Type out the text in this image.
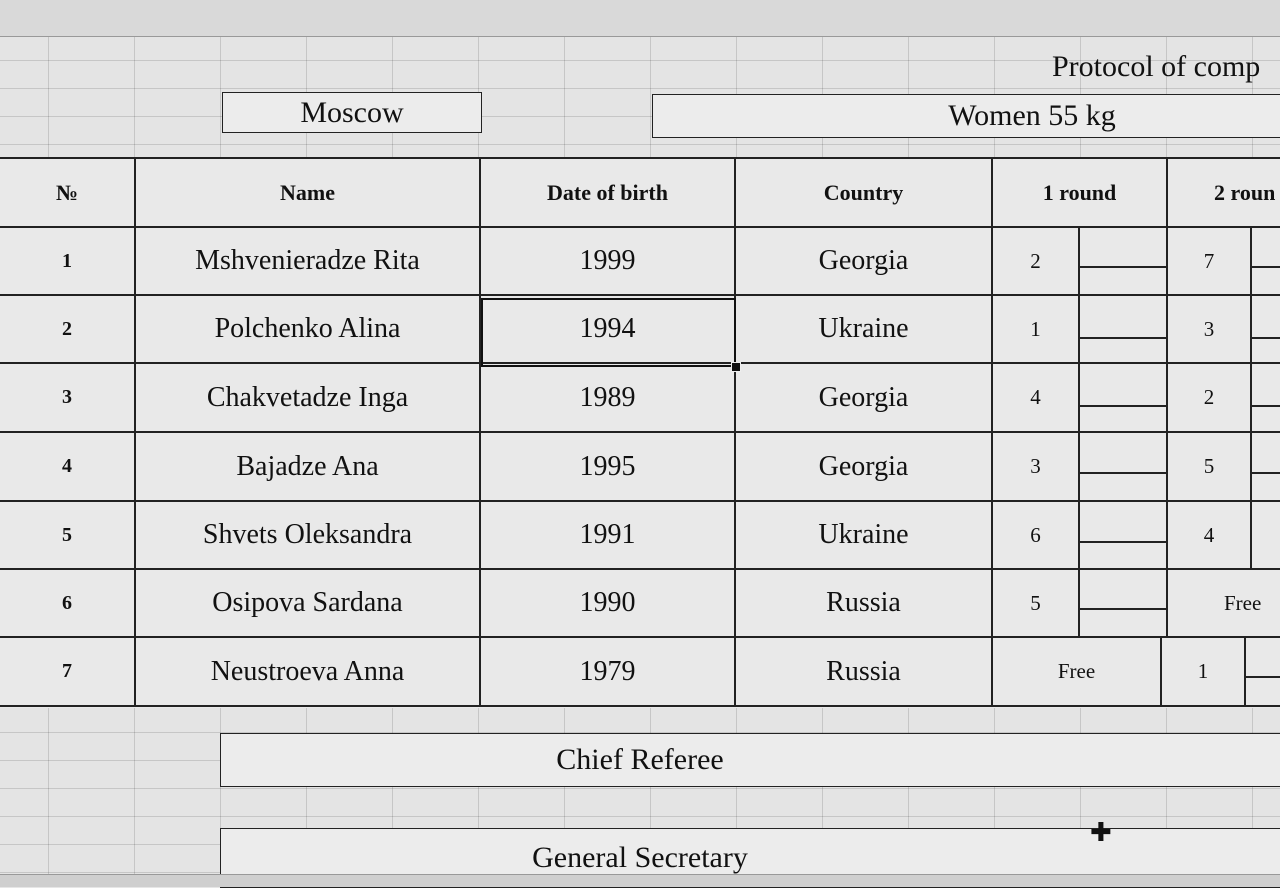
Protocol of comp
Moscow	Women 55 kg
№	Name	Date of birth	Country	1 round	2 roun
1	Mshvenieradze Rita	1999	Georgia	2	7
2	Polchenko Alina	1994	Ukraine	1	3
3	Chakvetadze Inga	1989	Georgia	4	2
4	Bajadze Ana	1995	Georgia	3	5
5	Shvets Oleksandra	1991	Ukraine	6	4
6	Osipova Sardana	1990	Russia	5	Free
7	Neustroeva Anna	1979	Russia	Free	1
Chief Referee
General Secretary
✚
